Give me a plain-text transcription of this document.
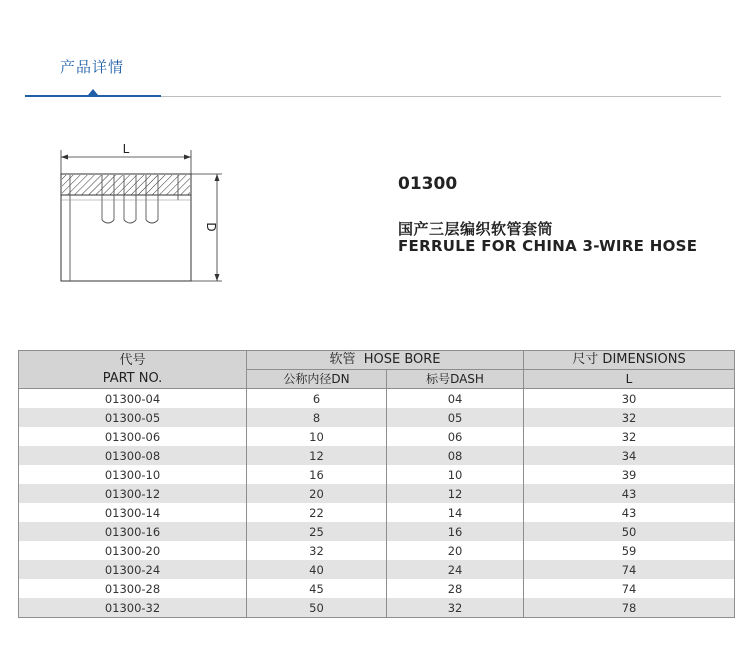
产品详情
L
D
01300
国产三层编织软管套筒
FERRULE FOR CHINA 3-WIRE HOSE
代号
PART NO.	软管  HOSE BORE		尺寸 DIMENSIONS
	公称内径DN	标号DASH	L
01300-04	6	04	30
01300-05	8	05	32
01300-06	10	06	32
01300-08	12	08	34
01300-10	16	10	39
01300-12	20	12	43
01300-14	22	14	43
01300-16	25	16	50
01300-20	32	20	59
01300-24	40	24	74
01300-28	45	28	74
01300-32	50	32	78
